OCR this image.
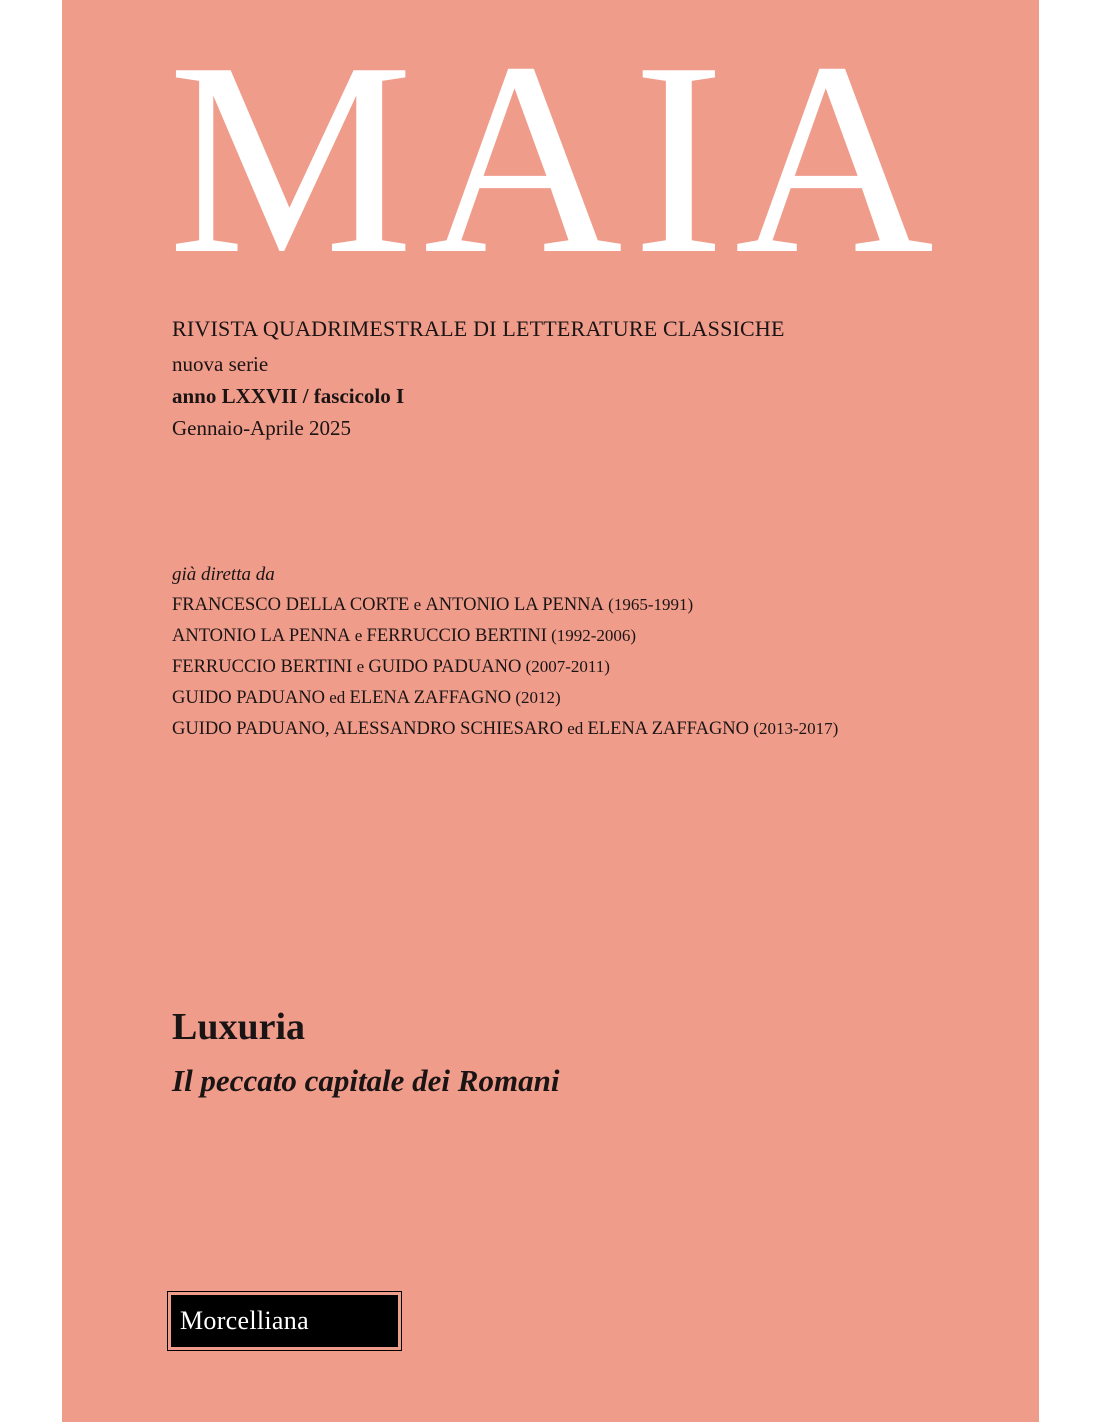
MAIA

RIVISTA QUADRIMESTRALE DI LETTERATURE CLASSICHE

nuova serie

anno LXXVII / fascicolo I

Gennaio-Aprile 2025

già diretta da

FRANCESCO DELLA CORTE e ANTONIO LA PENNA (1965-1991)

ANTONIO LA PENNA e FERRUCCIO BERTINI (1992-2006)

FERRUCCIO BERTINI e GUIDO PADUANO (2007-2011)

GUIDO PADUANO ed ELENA ZAFFAGNO (2012)

GUIDO PADUANO, ALESSANDRO SCHIESARO ed ELENA ZAFFAGNO (2013-2017)

Luxuria

Il peccato capitale dei Romani

Morcelliana
